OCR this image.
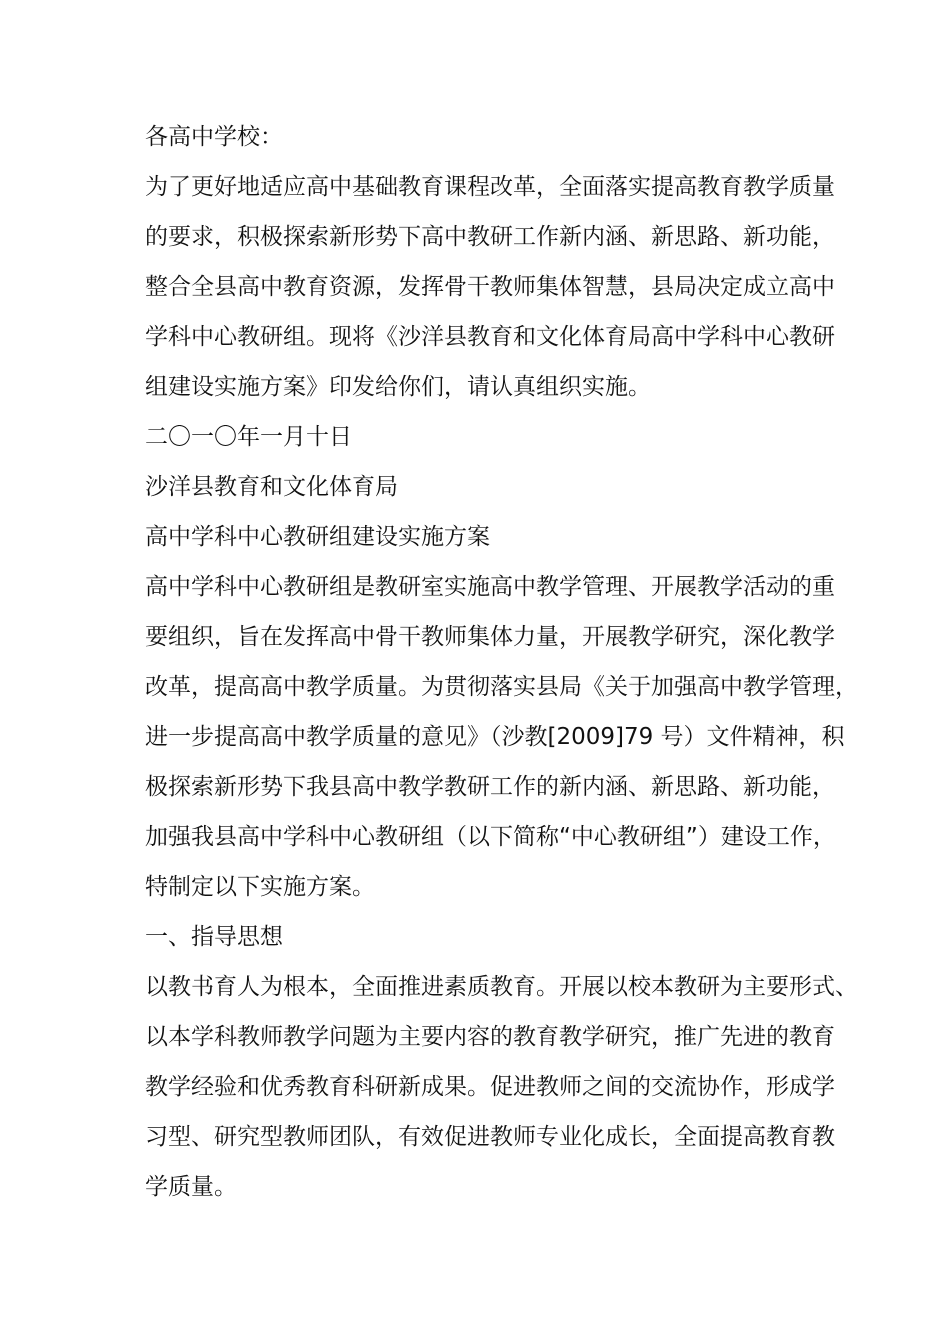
各高中学校：
为了更好地适应高中基础教育课程改革，全面落实提高教育教学质量
的要求，积极探索新形势下高中教研工作新内涵、新思路、新功能，
整合全县高中教育资源，发挥骨干教师集体智慧，县局决定成立高中
学科中心教研组。现将《沙洋县教育和文化体育局高中学科中心教研
组建设实施方案》印发给你们，请认真组织实施。
二〇一〇年一月十日
沙洋县教育和文化体育局
高中学科中心教研组建设实施方案
高中学科中心教研组是教研室实施高中教学管理、开展教学活动的重
要组织，旨在发挥高中骨干教师集体力量，开展教学研究，深化教学
改革，提高高中教学质量。为贯彻落实县局《关于加强高中教学管理，
进一步提高高中教学质量的意见》（沙教[2009]79 号）文件精神，积
极探索新形势下我县高中教学教研工作的新内涵、新思路、新功能，
加强我县高中学科中心教研组（以下简称“中心教研组”）建设工作，
特制定以下实施方案。
一、指导思想
以教书育人为根本，全面推进素质教育。开展以校本教研为主要形式、
以本学科教师教学问题为主要内容的教育教学研究，推广先进的教育
教学经验和优秀教育科研新成果。促进教师之间的交流协作，形成学
习型、研究型教师团队，有效促进教师专业化成长，全面提高教育教
学质量。
